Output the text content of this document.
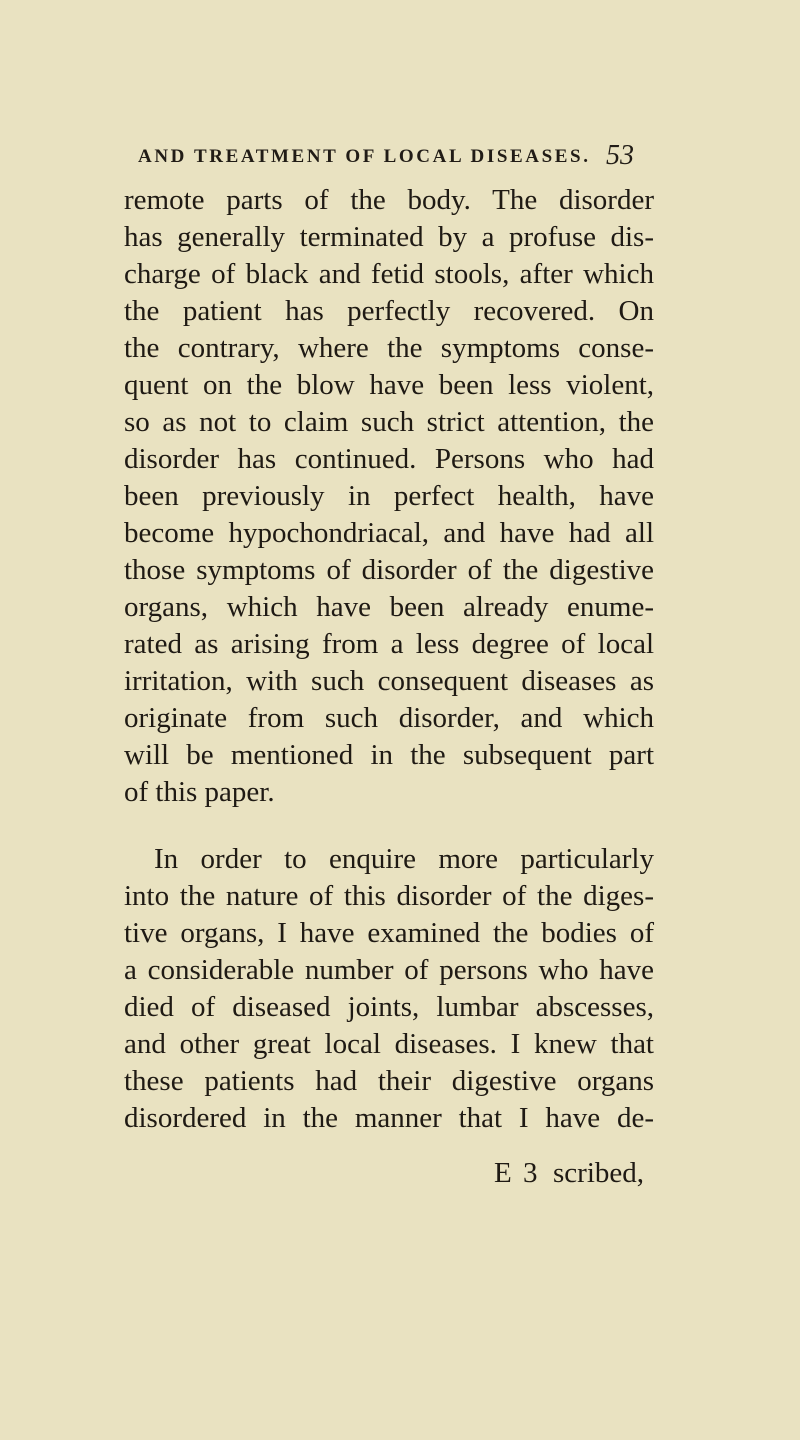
AND TREATMENT OF LOCAL DISEASES. 53
remote parts of the body. The disorder
has generally terminated by a profuse dis-
charge of black and fetid stools, after which
the patient has perfectly recovered. On
the contrary, where the symptoms conse-
quent on the blow have been less violent,
so as not to claim such strict attention, the
disorder has continued. Persons who had
been previously in perfect health, have
become hypochondriacal, and have had all
those symptoms of disorder of the digestive
organs, which have been already enume-
rated as arising from a less degree of local
irritation, with such consequent diseases as
originate from such disorder, and which
will be mentioned in the subsequent part
of this paper.
In order to enquire more particularly
into the nature of this disorder of the diges-
tive organs, I have examined the bodies of
a considerable number of persons who have
died of diseased joints, lumbar abscesses,
and other great local diseases. I knew that
these patients had their digestive organs
disordered in the manner that I have de-
E 3 scribed,
